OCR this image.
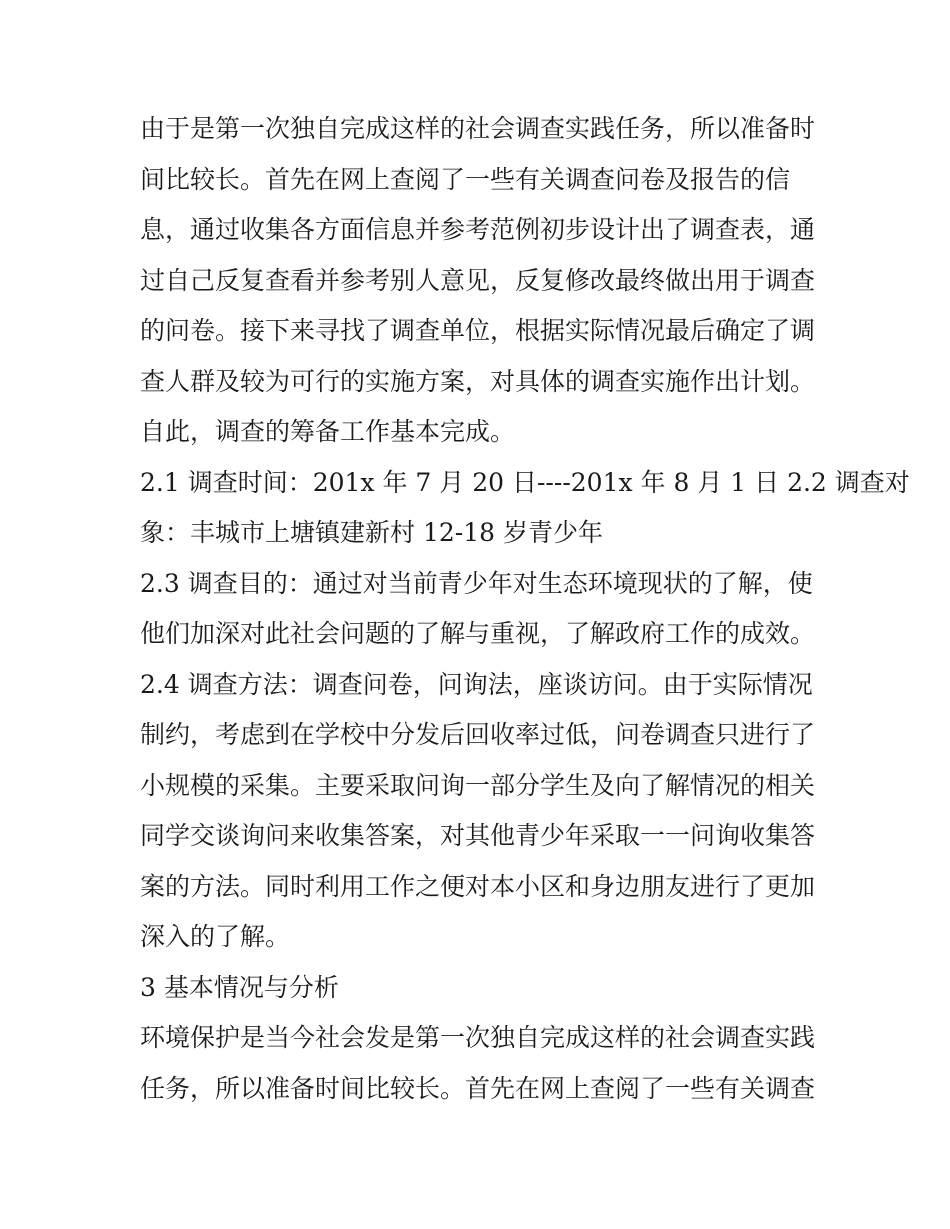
由于是第一次独自完成这样的社会调查实践任务，所以准备时
间比较长。首先在网上查阅了一些有关调查问卷及报告的信
息，通过收集各方面信息并参考范例初步设计出了调查表，通
过自己反复查看并参考别人意见，反复修改最终做出用于调查
的问卷。接下来寻找了调查单位，根据实际情况最后确定了调
查人群及较为可行的实施方案，对具体的调查实施作出计划。
自此，调查的筹备工作基本完成。
2.1 调查时间：201x 年 7 月 20 日----201x 年 8 月 1 日 2.2 调查对
象：丰城市上塘镇建新村 12-18 岁青少年
2.3 调查目的：通过对当前青少年对生态环境现状的了解，使
他们加深对此社会问题的了解与重视，了解政府工作的成效。
2.4 调查方法：调查问卷，问询法，座谈访问。由于实际情况
制约，考虑到在学校中分发后回收率过低，问卷调查只进行了
小规模的采集。主要采取问询一部分学生及向了解情况的相关
同学交谈询问来收集答案，对其他青少年采取一一问询收集答
案的方法。同时利用工作之便对本小区和身边朋友进行了更加
深入的了解。
3 基本情况与分析
环境保护是当今社会发是第一次独自完成这样的社会调查实践
任务，所以准备时间比较长。首先在网上查阅了一些有关调查
